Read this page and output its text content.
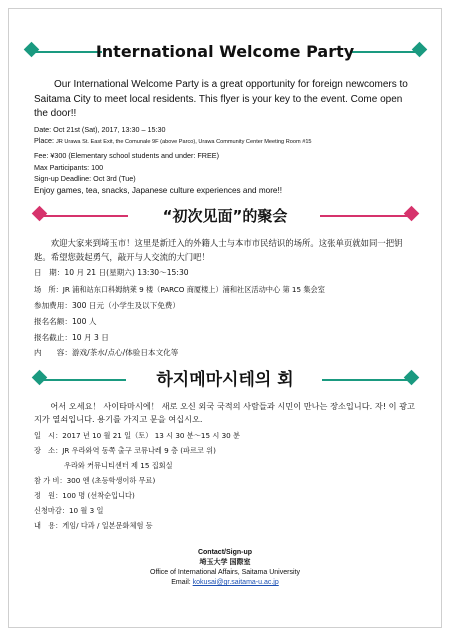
International Welcome Party

Our International Welcome Party is a great opportunity for foreign newcomers to Saitama City to meet local residents. This flyer is your key to the event. Come open the door!!

Date: Oct 21st (Sat), 2017, 13:30 – 15:30
Place: JR Urawa St. East Exit, the Comunale 9F (above Parco), Urawa Community Center Meeting Room #15
Fee: ¥300 (Elementary school students and under: FREE)
Max Participants: 100
Sign-up Deadline: Oct 3rd (Tue)
Enjoy games, tea, snacks, Japanese culture experiences and more!!
“初次见面”的聚会

欢迎大家来到埼玉市！这里是新迁入的外籍人士与本市市民结识的场所。这张单页就如同一把钥匙。希望您鼓起勇气，敲开与人交流的大门吧！

日　期：10 月 21 日(星期六) 13:30～15:30
场　所：JR 浦和站东口科姆纳莱 9 楼（PARCO 商厦楼上）浦和社区活动中心 第 15 集会室
参加费用：300 日元（小学生及以下免费）
报名名额：100 人
报名截止：10 月 3 日
内　　容：游戏/茶水/点心/体验日本文化等
하지메마시테의 회

어서 오세요！ 사이타마시에！ 새로 오신 외국 국적의 사람들과 시민이 만나는 장소입니다. 자! 이 광고지가 열쇠입니다. 용기를 가지고 문을 여십시오.

일　시：2017 년 10 월 21 일（토） 13 시 30 분～15 시 30 분
장　소：JR 우라와역 동쪽 출구 코뮤나레 9 층 (파르코 위)
우라와 커뮤니티센터 제 15 집회실
참 가 비：300 엔 (초등학생이하 무료)
정　원：100 명 (선착순입니다)
신청마감：10 월 3 일
내　용：게임/ 다과 / 일본문화체험 등
Contact/Sign-up
埼玉大学 国際室
Office of International Affairs, Saitama University
Email: kokusai@gr.saitama-u.ac.jp
